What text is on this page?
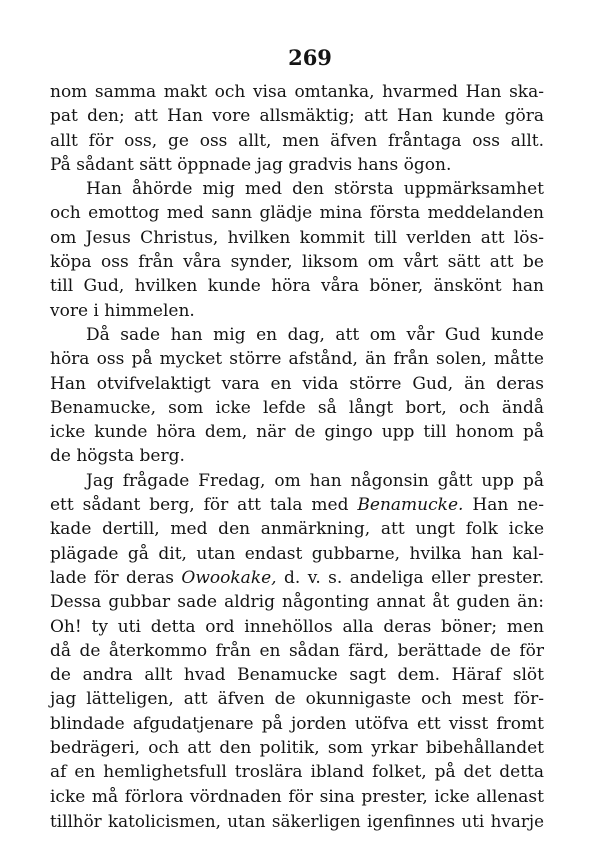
269
nom samma makt och visa omtanka, hvarmed Han ska-
pat den; att Han vore allsmäktig; att Han kunde göra
allt för oss, ge oss allt, men äfven fråntaga oss allt.
På sådant sätt öppnade jag gradvis hans ögon.
Han åhörde mig med den största uppmärksamhet
och emottog med sann glädje mina första meddelanden
om Jesus Christus, hvilken kommit till verlden att lös-
köpa oss från våra synder, liksom om vårt sätt att be
till Gud, hvilken kunde höra våra böner, änskönt han
vore i himmelen.
Då sade han mig en dag, att om vår Gud kunde
höra oss på mycket större afstånd, än från solen, måtte
Han otvifvelaktigt vara en vida större Gud, än deras
Benamucke, som icke lefde så långt bort, och ändå
icke kunde höra dem, när de gingo upp till honom på
de högsta berg.
Jag frågade Fredag, om han någonsin gått upp på
ett sådant berg, för att tala med Benamucke. Han ne-
kade dertill, med den anmärkning, att ungt folk icke
plägade gå dit, utan endast gubbarne, hvilka han kal-
lade för deras Owookake, d. v. s. andeliga eller prester.
Dessa gubbar sade aldrig någonting annat åt guden än:
Oh! ty uti detta ord innehöllos alla deras böner; men
då de återkommo från en sådan färd, berättade de för
de andra allt hvad Benamucke sagt dem. Häraf slöt
jag lätteligen, att äfven de okunnigaste och mest för-
blindade afgudatjenare på jorden utöfva ett visst fromt
bedrägeri, och att den politik, som yrkar bibehållandet
af en hemlighetsfull troslära ibland folket, på det detta
icke må förlora vördnaden för sina prester, icke allenast
tillhör katolicismen, utan säkerligen igenfinnes uti hvarje
